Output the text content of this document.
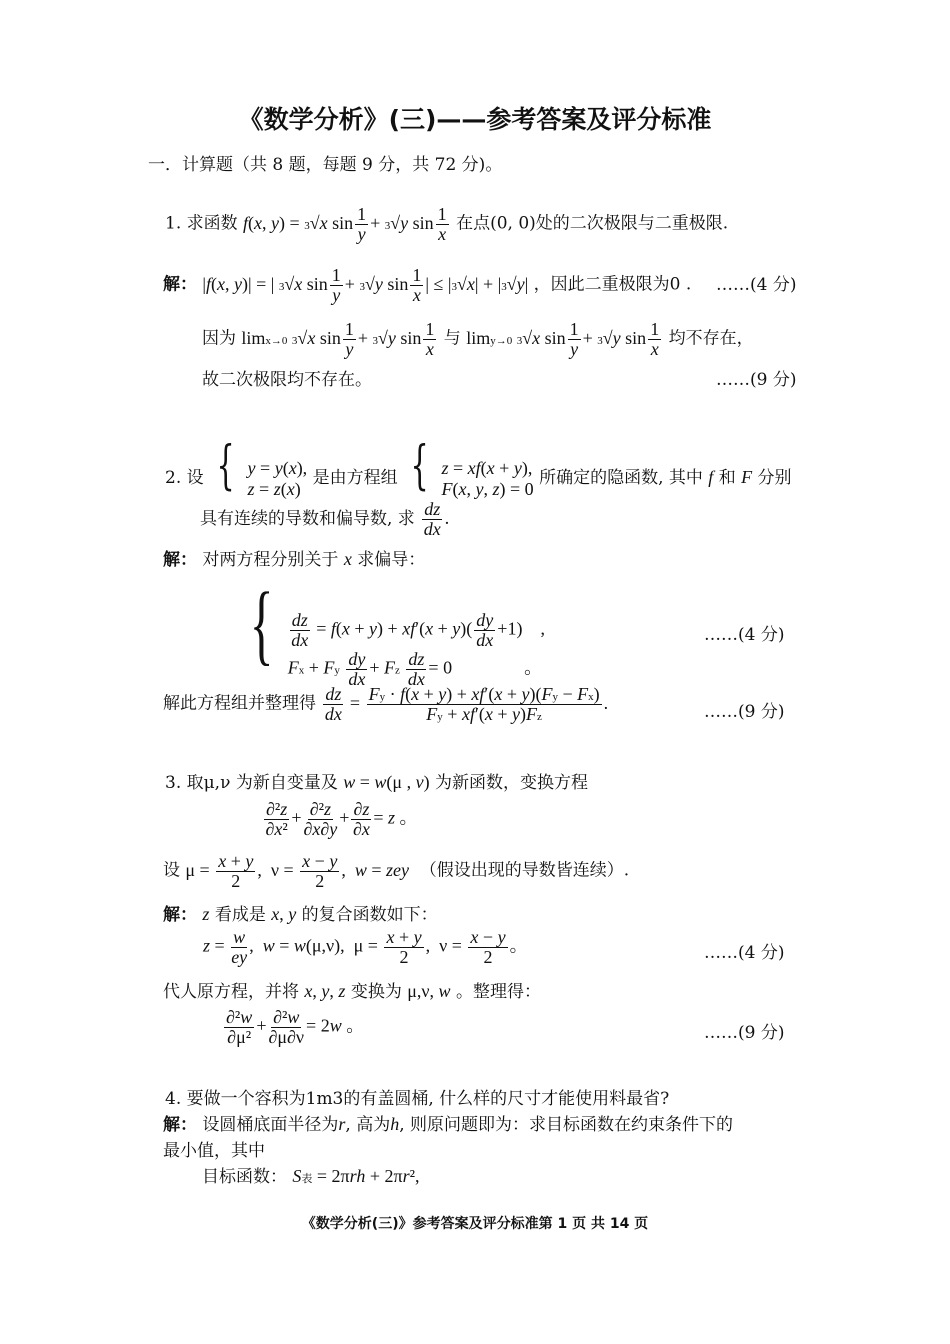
《数学分析》(三)——参考答案及评分标准
一．计算题（共 8 题，每题 9 分，共 72 分)。
1. 求函数 f(x, y) = 3√x $\sin \frac{1}{y} + 3√y$ $\sin \frac{1}{x}$ 在点(0, 0)处的二次极限与二重极限.
解： |f(x, y)| = | 3√x $\sin \frac{1}{y} + 3√y$ $\sin \frac{1}{x}$ | ≤ |3√x| + |3√y| ，因此二重极限为0 . ……(4 分)
因为 limx→0 3√x $\sin \frac{1}{y} + 3√y$ $\sin \frac{1}{x}$ 与 limy→0 3√x $\sin \frac{1}{y} + 3√y$ $\sin \frac{1}{x}$ 均不存在，
故二次极限均不存在。	……(9 分)
2. 设 { y = y(x),
z = z(x) 是由方程组 { z = xf(x + y),
F(x, y, z) = 0 所确定的隐函数, 其中 f 和 F 分别
具有连续的导数和偏导数, 求 $\frac{dz}{dx}$ .
解： 对两方程分别关于 x 求偏导：
{ $\frac{dz}{dx} = f(x + y) + xf'(x + y)( \frac{dy}{dx} +1)$    ,
Fx + Fy $\frac{dy}{dx} + Fz \frac{dz}{dx} = 0$                。
……(4 分)
解此方程组并整理得 $\frac{dz}{dx} = \frac{Fy \cdot f(x + y) + xf'(x + y)(Fy - Fx)}{Fy + xf'(x + y)Fz}$ .	……(9 分)
3. 取μ,ν 为新自变量及 w = w(μ , v) 为新函数，变换方程
$\frac{\text{∂²z}}{\text{∂x²}} + \frac{\text{∂²z}}{\partial x\partial y} + \frac{\partial z}{\partial x} = z$ 。
设 $\mu = \frac{x + y}{2}$ ,  $\nu = \frac{x - y}{2}$ ,  w = zey （假设出现的导数皆连续）.
解： z 看成是 x, y 的复合函数如下：
$z = \frac{w}{ey}$ ,  w = w(μ,ν),  $\mu = \frac{x + y}{2}$ ,  $\nu = \frac{x - y}{2}$ 。	……(4 分)
代人原方程，并将 x, y, z 变换为 μ,ν, w 。整理得：
$\frac{\text{∂²w}}{\text{∂μ²}} + \frac{\text{∂²w}}{\partial\mu\partial\nu} = 2w$ 。	……(9 分)
4. 要做一个容积为1m3的有盖圆桶, 什么样的尺寸才能使用料最省?
解： 设圆桶底面半径为r, 高为h, 则原问题即为：求目标函数在约束条件下的
最小值，其中
目标函数： S表 = 2πrh + 2πr²,
《数学分析(三)》参考答案及评分标准第 1 页 共 14 页
